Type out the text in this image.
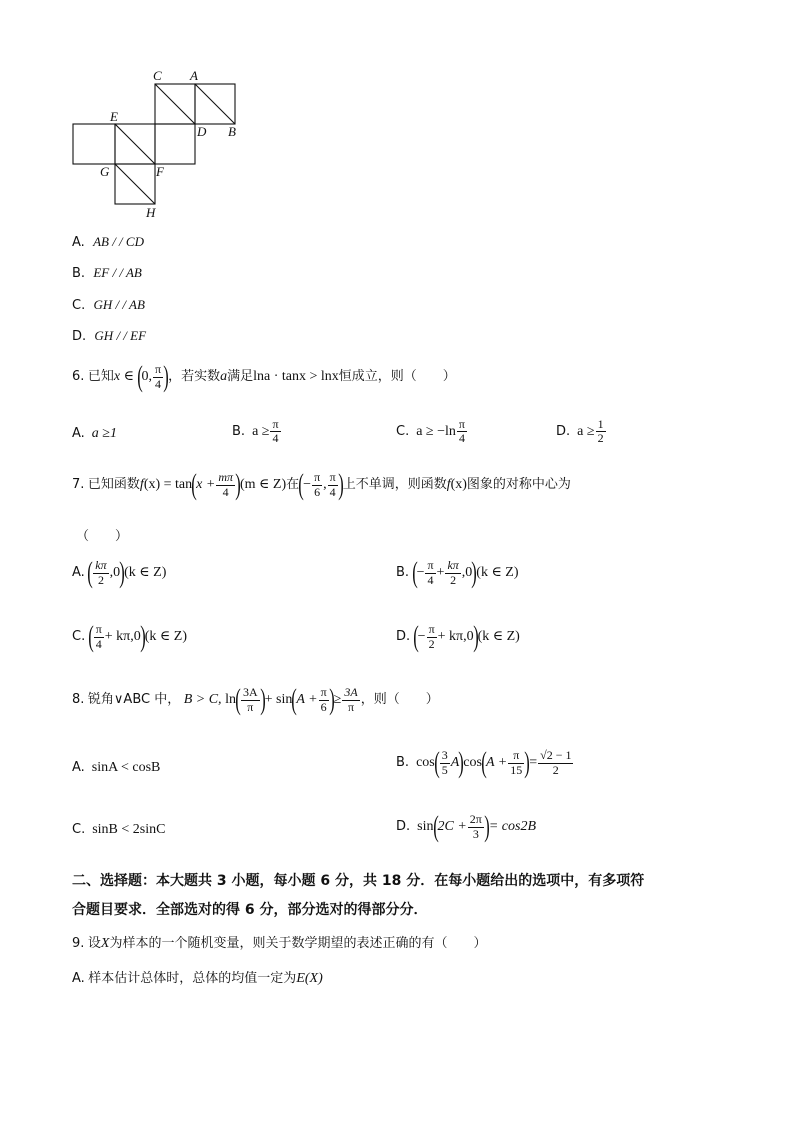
C A
E
D B
G	F
H
A. AB / / CD
B. EF / / AB
C. GH / / AB
D. GH / / EF
6. 已知x ∈ (0, $\frac{\pi}{4}$ )，若实数a满足lna · tanx > lnx恒成立，则（　　）
A. a ≥1	B. $a \ge \frac{\pi}{4}$	C. $a \ge -\ln \frac{\pi}{4}$	D. $a \ge \frac{1}{2}$
7. 已知函数$f(x) = \tan(x + \frac{m\pi}{4} )(m$ ∈ Z)在(− $\frac{\pi}{6}$ , $\frac{\pi}{4}$ )上不单调，则函数f(x)图象的对称中心为
（　　）
A. ( $\frac{k\pi}{2} ,0)(k$ ∈ Z)	B. (− $\frac{\pi}{4} + \frac{k\pi}{2} ,0)(k$ ∈ Z)
C. ( $\frac{\pi}{4} + k\pi,0)(k$ ∈ Z)	D. (− $\frac{\pi}{2} + k\pi,0)(k$ ∈ Z)
8. 锐角∨ABC 中， B > C, $\ln( \frac{3A}{\pi}$ )+ $\sin(A + \frac{\pi}{6}$ )≥ $\frac{3A}{\pi}$ ，则（　　）
A. sinA < cosB	B. $\cos( \frac{3}{5} A)\cos(A + \frac{\pi}{15}$ )= $\frac{√2 - 1}{2}$
C. sinB < 2sinC	D. $\sin(2C + \frac{2\pi}{3}$ )= cos2B
二、选择题：本大题共 3 小题，每小题 6 分，共 18 分．在每小题给出的选项中，有多项符
合题目要求．全部选对的得 6 分，部分选对的得部分分．
9. 设X为样本的一个随机变量，则关于数学期望的表述正确的有（　　）
A. 样本估计总体时，总体的均值一定为E(X)
